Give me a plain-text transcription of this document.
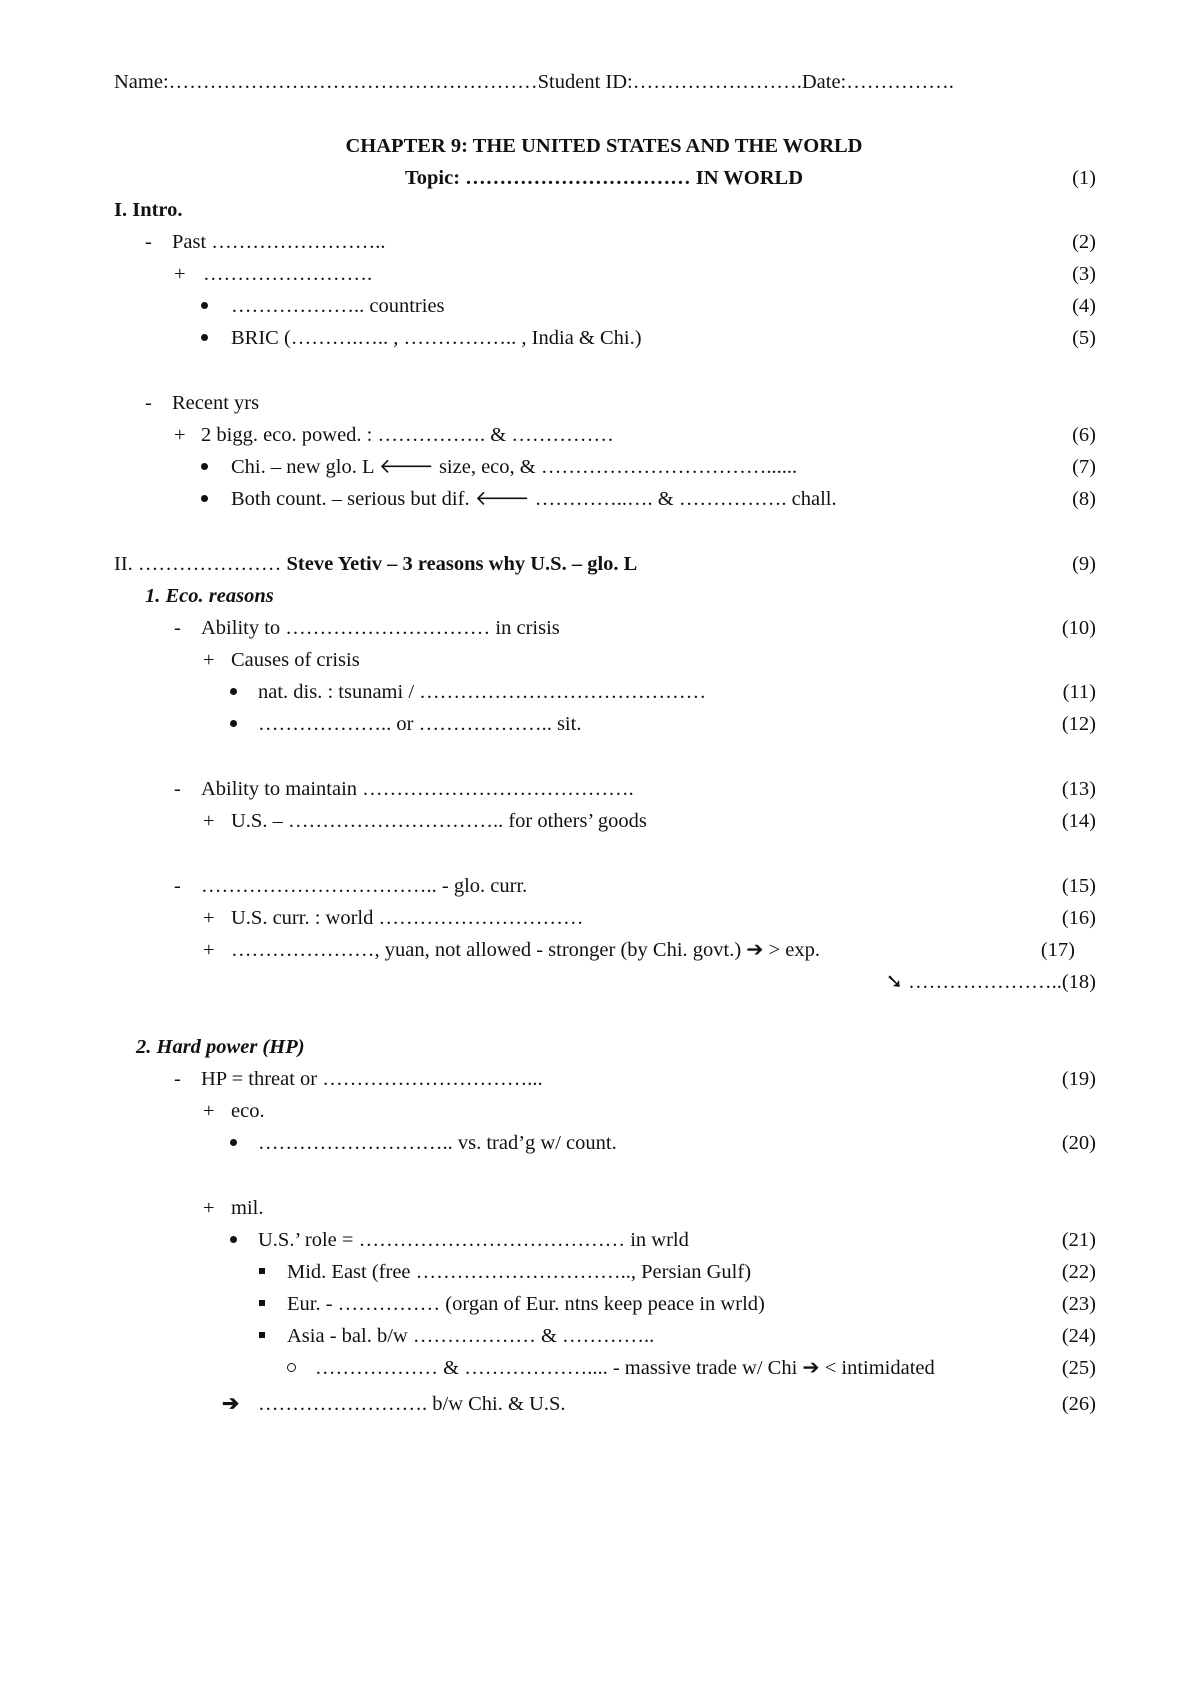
Name:………………………………………………Student ID:…………………….Date:…………….
CHAPTER 9: THE UNITED STATES AND THE WORLD
Topic: …………………………… IN WORLD	(1)
I. Intro.
- Past ……………………..	(2)
+ …………………….	(3)
……………….. countries	(4)
BRIC (……….….. , …………….. , India & Chi.)	(5)
- Recent yrs
+ 2 bigg. eco. powed. : ……………. & ……………	(6)
Chi. – new glo. L 🡐 size, eco, & ……………………………......	(7)
Both count. – serious but dif. 🡐 …………..…. & ……………. chall.	(8)
II. ………………… Steve Yetiv – 3 reasons why U.S. – glo. L	(9)
1. Eco. reasons
- Ability to ………………………… in crisis	(10)
+ Causes of crisis
nat. dis. : tsunami / ……………………………………	(11)
……………….. or ……………….. sit.	(12)
- Ability to maintain ………………………………….	(13)
+ U.S. – ………………………….. for others’ goods	(14)
- …………………………….. - glo. curr.	(15)
+ U.S. curr. : world …………………………	(16)
+ …………………, yuan, not allowed - stronger (by Chi. govt.) ➔ > exp.	(17)
➘ …………………..(18)
2. Hard power (HP)
- HP = threat or …………………………...	(19)
+ eco.
……………………….. vs. trad’g w/ count.	(20)
+ mil.
U.S.’ role = ………………………………… in wrld	(21)
Mid. East (free ………………………….., Persian Gulf)	(22)
Eur. - …………… (organ of Eur. ntns keep peace in wrld)	(23)
Asia - bal. b/w ……………… & …………..	(24)
……………… & ……………….... - massive trade w/ Chi ➔ < intimidated	(25)
➔ ……………………. b/w Chi. & U.S.	(26)
